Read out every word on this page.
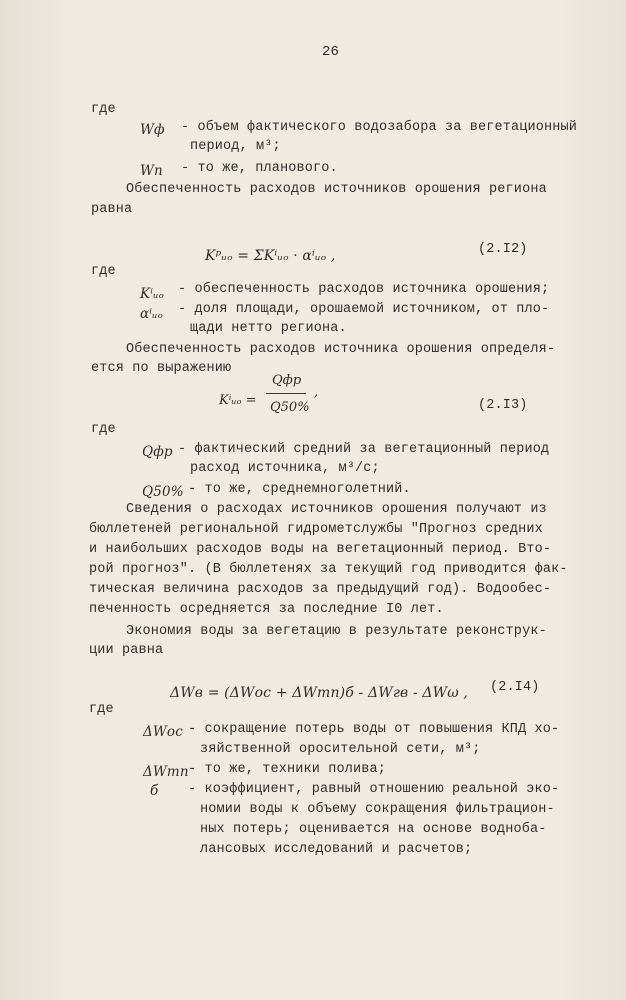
26
где
Wф - объем фактического водозабора за вегетационный
период, м³;
Wп - то же, планового.
Обеспеченность расходов источников орошения региона
равна
Kᵖᵤₒ = ΣKⁱᵤₒ · αⁱᵤₒ ,	(2.I2)
где
Kⁱᵤₒ - обеспеченность расходов источника орошения;
αⁱᵤₒ - доля площади, орошаемой источником, от пло-
щади нетто региона.
Обеспеченность расходов источника орошения определя-
ется по выражению
Kⁱᵤₒ =
Qфр
Q50%
,
(2.I3)
где
Qфр - фактический средний за вегетационный период
расход источника, м³/с;
Q50% - то же, среднемноголетний.
Сведения о расходах источников орошения получают из
бюллетеней региональной гидрометслужбы "Прогноз средних
и наибольших расходов воды на вегетационный период. Вто-
рой прогноз". (В бюллетенях за текущий год приводится фак-
тическая величина расходов за предыдущий год). Водообес-
печенность осредняется за последние I0 лет.
Экономия воды за вегетацию в результате реконструк-
ции равна
ΔWв = (ΔWос + ΔWтп)б - ΔWгв - ΔWω , (2.I4)
где
ΔWос - сокращение потерь воды от повышения КПД хо-
зяйственной оросительной сети, м³;
ΔWтп - то же, техники полива;
б - коэффициент, равный отношению реальной эко-
номии воды к объему сокращения фильтрацион-
ных потерь; оценивается на основе водноба-
лансовых исследований и расчетов;
